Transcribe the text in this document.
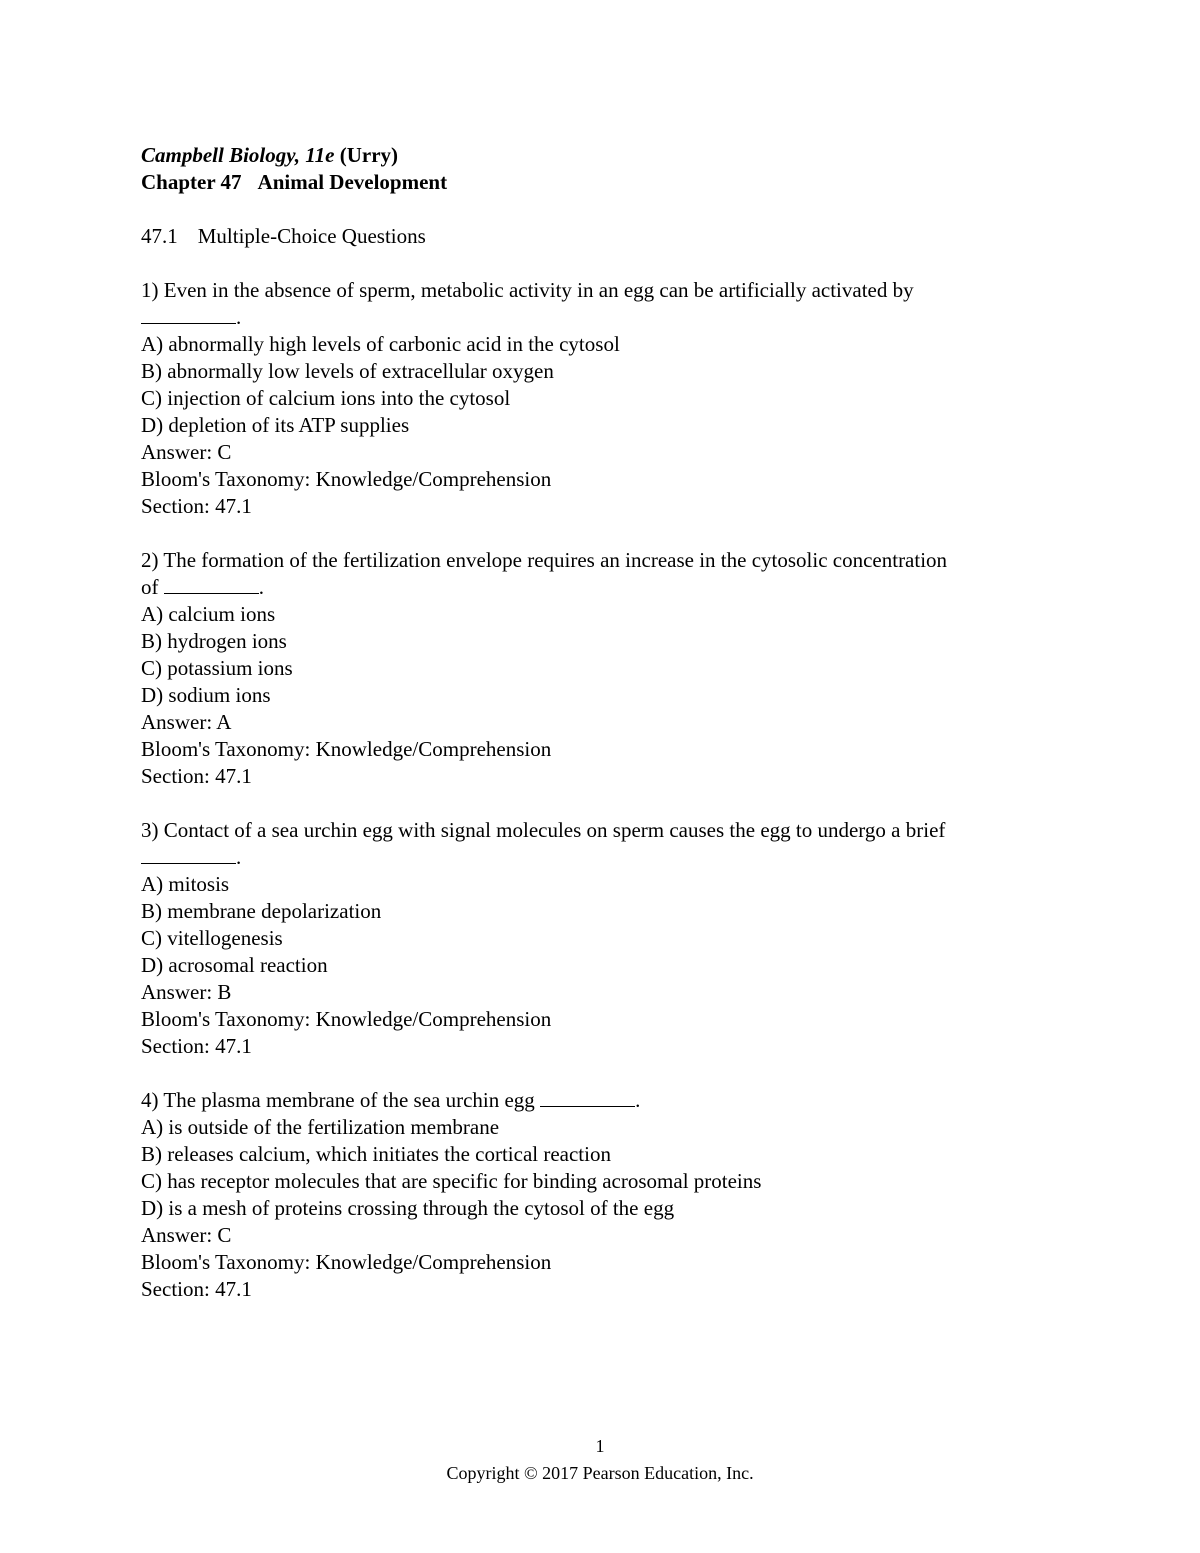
Campbell Biology, 11e (Urry)
Chapter 47 Animal Development
47.1 Multiple-Choice Questions
1) Even in the absence of sperm, metabolic activity in an egg can be artificially activated by
.
A) abnormally high levels of carbonic acid in the cytosol
B) abnormally low levels of extracellular oxygen
C) injection of calcium ions into the cytosol
D) depletion of its ATP supplies
Answer: C
Bloom's Taxonomy: Knowledge/Comprehension
Section: 47.1
2) The formation of the fertilization envelope requires an increase in the cytosolic concentration
of	.
A) calcium ions
B) hydrogen ions
C) potassium ions
D) sodium ions
Answer: A
Bloom's Taxonomy: Knowledge/Comprehension
Section: 47.1
3) Contact of a sea urchin egg with signal molecules on sperm causes the egg to undergo a brief
.
A) mitosis
B) membrane depolarization
C) vitellogenesis
D) acrosomal reaction
Answer: B
Bloom's Taxonomy: Knowledge/Comprehension
Section: 47.1
4) The plasma membrane of the sea urchin egg	.
A) is outside of the fertilization membrane
B) releases calcium, which initiates the cortical reaction
C) has receptor molecules that are specific for binding acrosomal proteins
D) is a mesh of proteins crossing through the cytosol of the egg
Answer: C
Bloom's Taxonomy: Knowledge/Comprehension
Section: 47.1
1
Copyright © 2017 Pearson Education, Inc.
